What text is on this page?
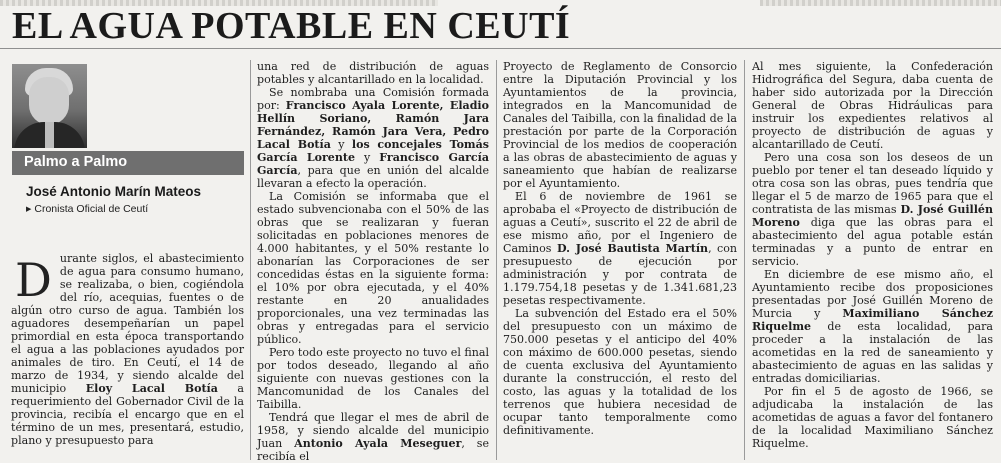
EL AGUA POTABLE EN CEUTÍ
Palmo a Palmo
José Antonio Marín Mateos
▶ Cronista Oficial de Ceutí

Durante siglos, el abastecimiento de agua para consumo humano, se realizaba, o bien, cogiéndola del río, acequias, fuentes o de algún otro curso de agua. También los aguadores desempeñarían un papel primordial en esta época transportando el agua a las poblaciones ayudados por animales de tiro. En Ceutí, el 14 de marzo de 1934, y siendo alcalde del municipio Eloy Lacal Botía a requerimiento del Gobernador Civil de la provincia, recibía el encargo que en el término de un mes, presentará, estudio, plano y presupuesto para

una red de distribución de aguas potables y alcantarillado en la localidad.

Se nombraba una Comisión formada por: Francisco Ayala Lorente, Eladio Hellín Soriano, Ramón Jara Fernández, Ramón Jara Vera, Pedro Lacal Botía y los concejales Tomás García Lorente y Francisco García García, para que en unión del alcalde llevaran a efecto la operación.

La Comisión se informaba que el estado subvencionaba con el 50% de las obras que se realizaran y fueran solicitadas en poblaciones menores de 4.000 habitantes, y el 50% restante lo abonarían las Corporaciones de ser concedidas éstas en la siguiente forma: el 10% por obra ejecutada, y el 40% restante en 20 anualidades proporcionales, una vez terminadas las obras y entregadas para el servicio público.

Pero todo este proyecto no tuvo el final por todos deseado, llegando al año siguiente con nuevas gestiones con la Mancomunidad de los Canales del Taibilla.

Tendrá que llegar el mes de abril de 1958, y siendo alcalde del municipio Juan Antonio Ayala Meseguer, se recibía el

Proyecto de Reglamento de Consorcio entre la Diputación Provincial y los Ayuntamientos de la provincia, integrados en la Mancomunidad de Canales del Taibilla, con la finalidad de la prestación por parte de la Corporación Provincial de los medios de cooperación a las obras de abastecimiento de aguas y saneamiento que habían de realizarse por el Ayuntamiento.

El 6 de noviembre de 1961 se aprobaba el «Proyecto de distribución de aguas a Ceutí», suscrito el 22 de abril de ese mismo año, por el Ingeniero de Caminos D. José Bautista Martín, con presupuesto de ejecución por administración y por contrata de 1.179.754,18 pesetas y de 1.341.681,23 pesetas respectivamente.

La subvención del Estado era el 50% del presupuesto con un máximo de 750.000 pesetas y el anticipo del 40% con máximo de 600.000 pesetas, siendo de cuenta exclusiva del Ayuntamiento durante la construcción, el resto del costo, las aguas y la totalidad de los terrenos que hubiera necesidad de ocupar tanto temporalmente como definitivamente.

Al mes siguiente, la Confederación Hidrográfica del Segura, daba cuenta de haber sido autorizada por la Dirección General de Obras Hidráulicas para instruir los expedientes relativos al proyecto de distribución de aguas y alcantarillado de Ceutí.

Pero una cosa son los deseos de un pueblo por tener el tan deseado líquido y otra cosa son las obras, pues tendría que llegar el 5 de marzo de 1965 para que el contratista de las mismas D. José Guillén Moreno diga que las obras para el abastecimiento del agua potable están terminadas y a punto de entrar en servicio.

En diciembre de ese mismo año, el Ayuntamiento recibe dos proposiciones presentadas por José Guillén Moreno de Murcia y Maximiliano Sánchez Riquelme de esta localidad, para proceder a la instalación de las acometidas en la red de saneamiento y abastecimiento de aguas en las salidas y entradas domiciliarias.

Por fin el 5 de agosto de 1966, se adjudicaba la instalación de las acometidas de aguas a favor del fontanero de la localidad Maximiliano Sánchez Riquelme.
